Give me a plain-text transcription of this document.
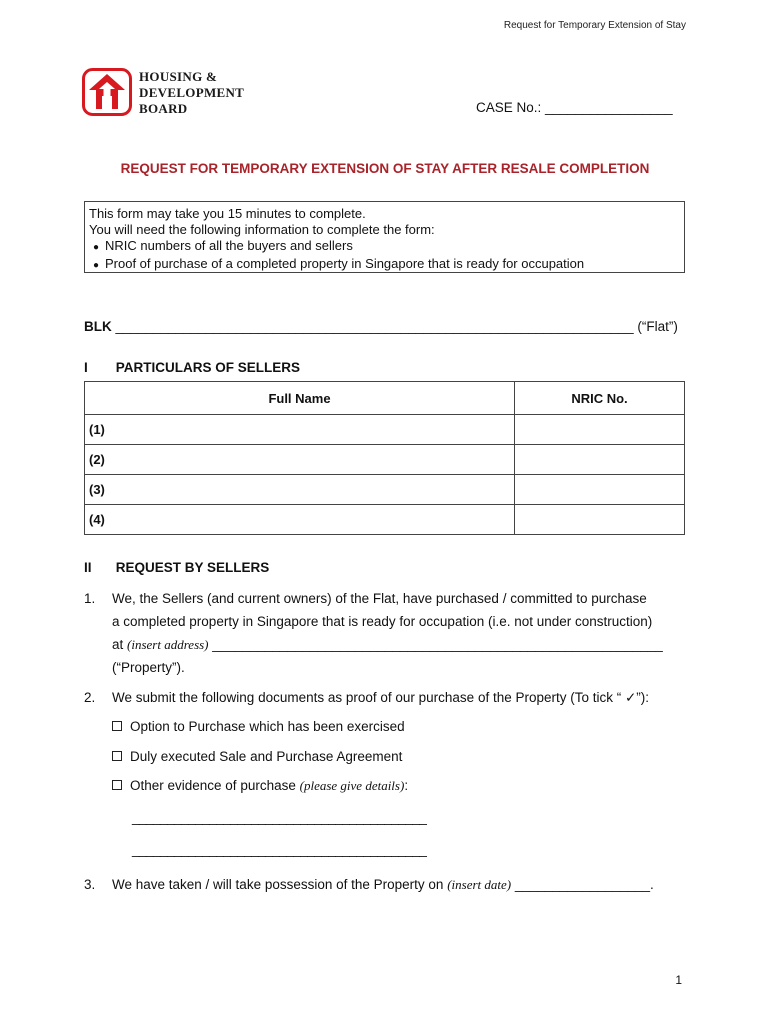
Request for Temporary Extension of Stay
HOUSING &
DEVELOPMENT
BOARD	CASE No.: _________________
REQUEST FOR TEMPORARY EXTENSION OF STAY AFTER RESALE COMPLETION
This form may take you 15 minutes to complete.
You will need the following information to complete the form:
● NRIC numbers of all the buyers and sellers
● Proof of purchase of a completed property in Singapore that is ready for occupation
BLK _____________________________________________________________________ (“Flat”)
I PARTICULARS OF SELLERS
Full Name	NRIC No.
(1)	
(2)	
(3)	
(4)	
II REQUEST BY SELLERS
1. We, the Sellers (and current owners) of the Flat, have purchased / committed to purchase
a completed property in Singapore that is ready for occupation (i.e. not under construction)
at (insert address) ____________________________________________________________
(“Property”).
2. We submit the following documents as proof of our purchase of the Property (To tick “ ✓”):
Option to Purchase which has been exercised
Duly executed Sale and Purchase Agreement
Other evidence of purchase (please give details):
__________________________________________
__________________________________________
3. We have taken / will take possession of the Property on (insert date) __________________.
1
